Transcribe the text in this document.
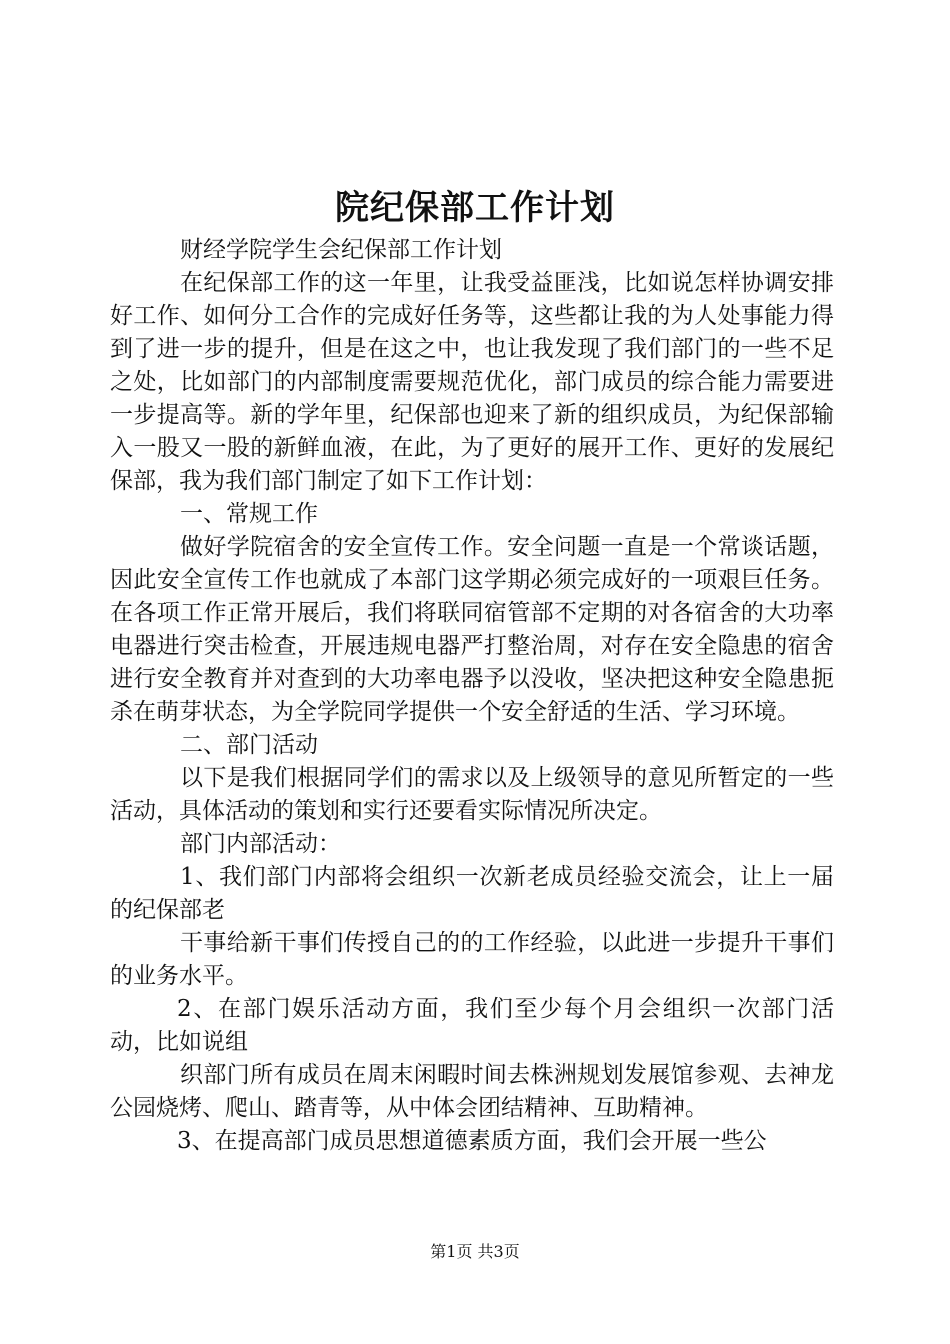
院纪保部工作计划

财经学院学生会纪保部工作计划

在纪保部工作的这一年里，让我受益匪浅，比如说怎样协调安排好工作、如何分工合作的完成好任务等，这些都让我的为人处事能力得到了进一步的提升，但是在这之中，也让我发现了我们部门的一些不足之处，比如部门的内部制度需要规范优化，部门成员的综合能力需要进一步提高等。新的学年里，纪保部也迎来了新的组织成员，为纪保部输入一股又一股的新鲜血液，在此，为了更好的展开工作、更好的发展纪保部，我为我们部门制定了如下工作计划：

一、常规工作

做好学院宿舍的安全宣传工作。安全问题一直是一个常谈话题，因此安全宣传工作也就成了本部门这学期必须完成好的一项艰巨任务。在各项工作正常开展后，我们将联同宿管部不定期的对各宿舍的大功率电器进行突击检查，开展违规电器严打整治周，对存在安全隐患的宿舍进行安全教育并对查到的大功率电器予以没收，坚决把这种安全隐患扼杀在萌芽状态，为全学院同学提供一个安全舒适的生活、学习环境。

二、部门活动

以下是我们根据同学们的需求以及上级领导的意见所暂定的一些活动，具体活动的策划和实行还要看实际情况所决定。

部门内部活动：

1、我们部门内部将会组织一次新老成员经验交流会，让上一届的纪保部老

干事给新干事们传授自己的的工作经验，以此进一步提升干事们的业务水平。

2、在部门娱乐活动方面，我们至少每个月会组织一次部门活动，比如说组

织部门所有成员在周末闲暇时间去株洲规划发展馆参观、去神龙公园烧烤、爬山、踏青等，从中体会团结精神、互助精神。

3、在提高部门成员思想道德素质方面，我们会开展一些公

第1页 共3页
